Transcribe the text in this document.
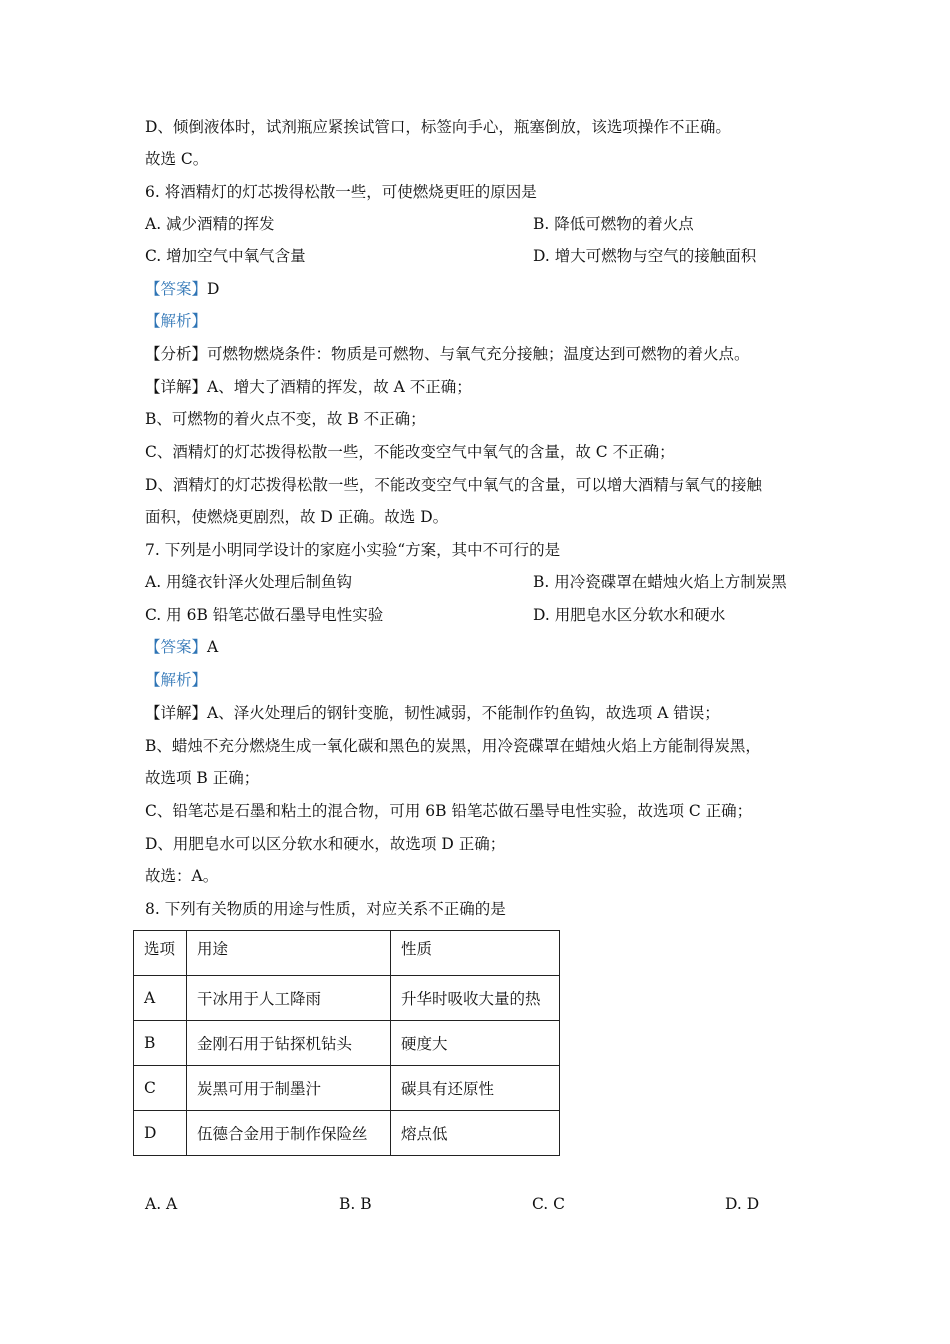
D、倾倒液体时，试剂瓶应紧挨试管口，标签向手心，瓶塞倒放，该选项操作不正确。
故选 C。
6. 将酒精灯的灯芯拨得松散一些，可使燃烧更旺的原因是
A. 减少酒精的挥发	B. 降低可燃物的着火点
C. 增加空气中氧气含量	D. 增大可燃物与空气的接触面积
【答案】D
【解析】
【分析】可燃物燃烧条件：物质是可燃物、与氧气充分接触；温度达到可燃物的着火点。
【详解】A、增大了酒精的挥发，故 A 不正确；
B、可燃物的着火点不变，故 B 不正确；
C、酒精灯的灯芯拨得松散一些，不能改变空气中氧气的含量，故 C 不正确；
D、酒精灯的灯芯拨得松散一些，不能改变空气中氧气的含量，可以增大酒精与氧气的接触
面积，使燃烧更剧烈，故 D 正确。故选 D。
7. 下列是小明同学设计的家庭小实验“方案，其中不可行的是
A. 用缝衣针泽火处理后制鱼钩	B. 用冷瓷碟罩在蜡烛火焰上方制炭黑
C. 用 6B 铅笔芯做石墨导电性实验	D. 用肥皂水区分软水和硬水
【答案】A
【解析】
【详解】A、泽火处理后的钢针变脆，韧性减弱，不能制作钓鱼钩，故选项 A 错误；
B、蜡烛不充分燃烧生成一氧化碳和黑色的炭黑，用冷瓷碟罩在蜡烛火焰上方能制得炭黑，
故选项 B 正确；
C、铅笔芯是石墨和粘土的混合物，可用 6B 铅笔芯做石墨导电性实验，故选项 C 正确；
D、用肥皂水可以区分软水和硬水，故选项 D 正确；
故选：A。
8. 下列有关物质的用途与性质，对应关系不正确的是
选项	用途	性质
A	干冰用于人工降雨	升华时吸收大量的热
B	金刚石用于钻探机钻头	硬度大
C	炭黑可用于制墨汁	碳具有还原性
D	伍德合金用于制作保险丝	熔点低
A. A	B. B	C. C	D. D
